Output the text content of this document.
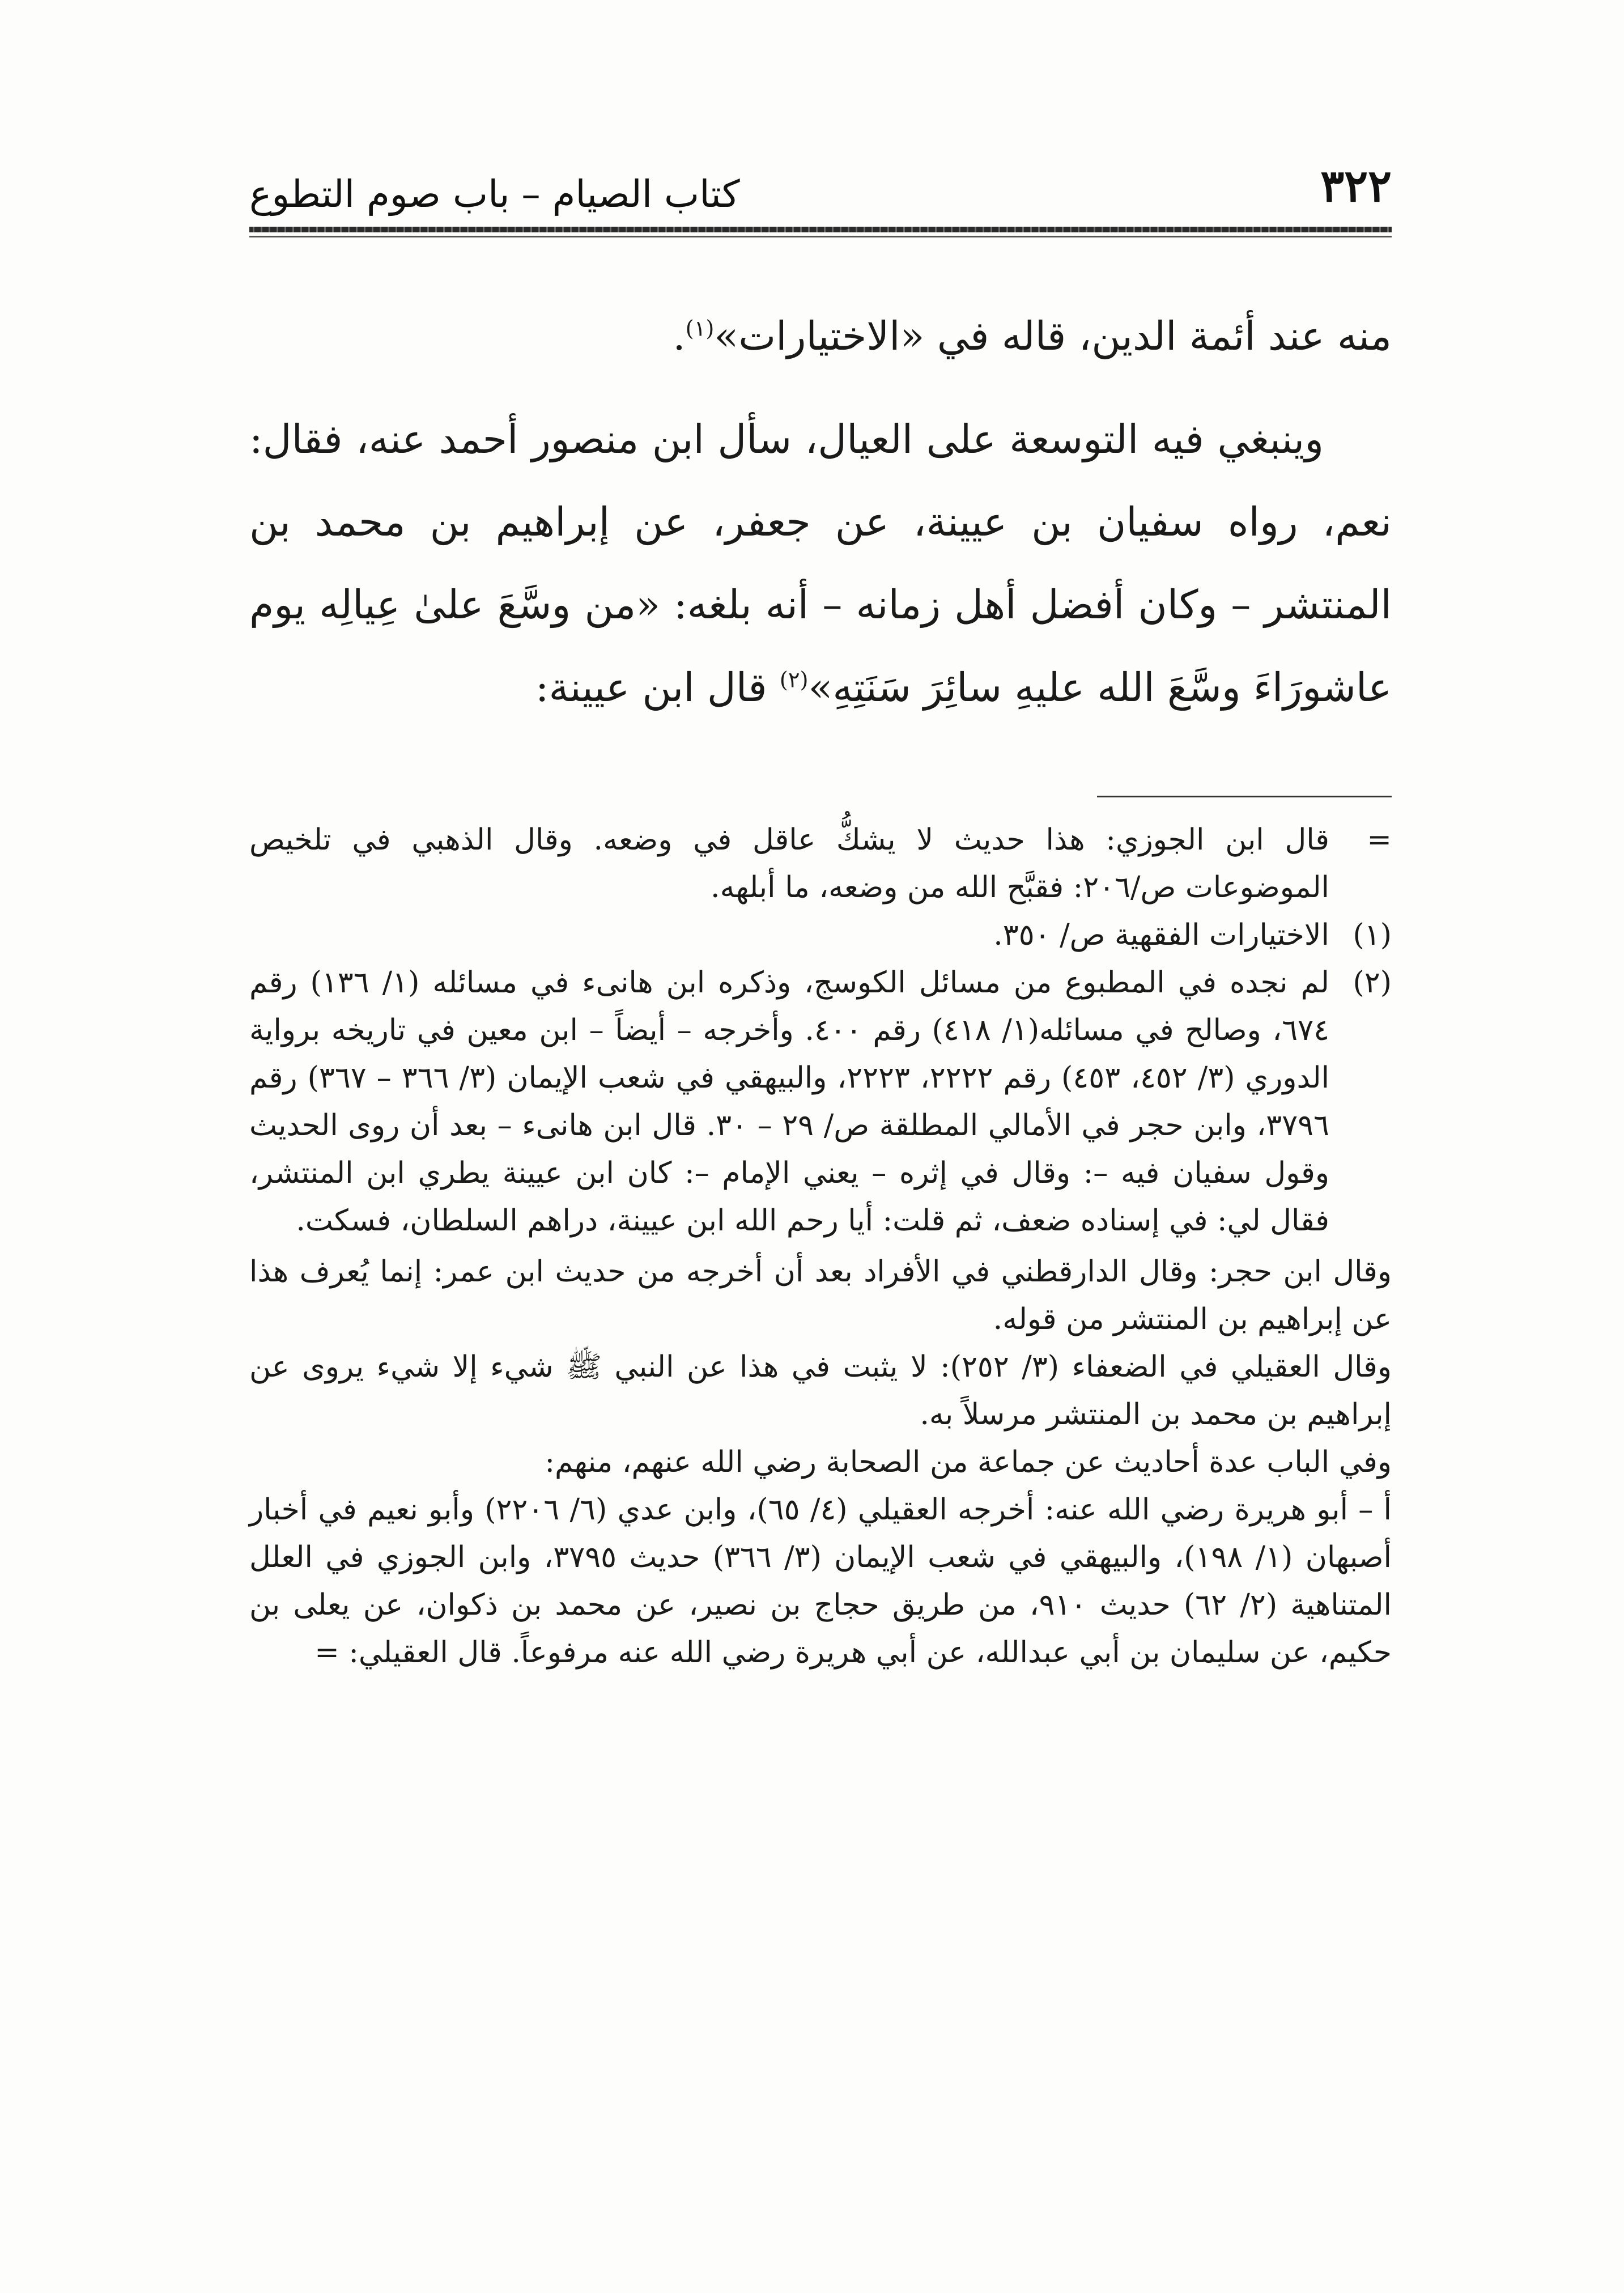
٣٢٢
كتاب الصيام – باب صوم التطوع

منه عند أئمة الدين، قاله في «الاختيارات»$^{(١)}$.

وينبغي فيه التوسعة على العيال، سأل ابن منصور أحمد عنه، فقال: نعم، رواه سفيان بن عيينة، عن جعفر، عن إبراهيم بن محمد بن المنتشر – وكان أفضل أهل زمانه – أنه بلغه: «من وسَّعَ علىٰ عِيالِه يوم عاشورَاءَ وسَّعَ الله عليهِ سائِرَ سَنَتِهِ»$^{(٢)}$ قال ابن عيينة:

=
قال ابن الجوزي: هذا حديث لا يشكُّ عاقل في وضعه. وقال الذهبي في تلخيص الموضوعات ص/٢٠٦: فقبَّح الله من وضعه، ما أبلهه.
(١)
الاختيارات الفقهية ص/ ٣٥٠.
(٢)
لم نجده في المطبوع من مسائل الكوسج، وذكره ابن هانىء في مسائله (١/ ١٣٦) رقم ٦٧٤، وصالح في مسائله(١/ ٤١٨) رقم ٤٠٠. وأخرجه – أيضاً – ابن معين في تاريخه برواية الدوري (٣/ ٤٥٢، ٤٥٣) رقم ٢٢٢٢، ٢٢٢٣، والبيهقي في شعب الإيمان (٣/ ٣٦٦ – ٣٦٧) رقم ٣٧٩٦، وابن حجر في الأمالي المطلقة ص/ ٢٩ – ٣٠. قال ابن هانىء – بعد أن روى الحديث وقول سفيان فيه –: وقال في إثره – يعني الإمام –: كان ابن عيينة يطري ابن المنتشر، فقال لي: في إسناده ضعف، ثم قلت: أيا رحم الله ابن عيينة، دراهم السلطان، فسكت.

وقال ابن حجر: وقال الدارقطني في الأفراد بعد أن أخرجه من حديث ابن عمر: إنما يُعرف هذا عن إبراهيم بن المنتشر من قوله.

وقال العقيلي في الضعفاء (٣/ ٢٥٢): لا يثبت في هذا عن النبي ﷺ شيء إلا شيء يروى عن إبراهيم بن محمد بن المنتشر مرسلاً به.

وفي الباب عدة أحاديث عن جماعة من الصحابة رضي الله عنهم، منهم:

أ – أبو هريرة رضي الله عنه: أخرجه العقيلي (٤/ ٦٥)، وابن عدي (٦/ ٢٢٠٦) وأبو نعيم في أخبار أصبهان (١/ ١٩٨)، والبيهقي في شعب الإيمان (٣/ ٣٦٦) حديث ٣٧٩٥، وابن الجوزي في العلل المتناهية (٢/ ٦٢) حديث ٩١٠، من طريق حجاج بن نصير، عن محمد بن ذكوان، عن يعلى بن حكيم، عن سليمان بن أبي عبدالله، عن أبي هريرة رضي الله عنه مرفوعاً. قال العقيلي: =
